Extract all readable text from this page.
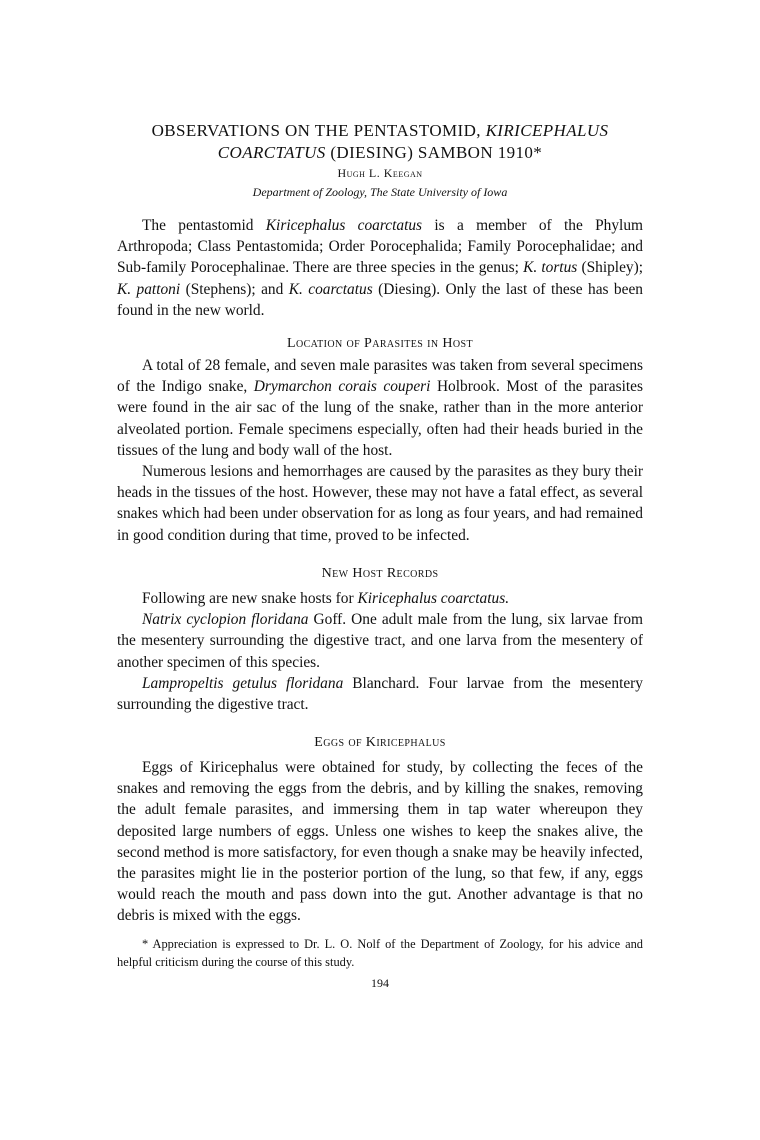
OBSERVATIONS ON THE PENTASTOMID, KIRICEPHALUS
COARCTATUS (DIESING) SAMBON 1910*
Hugh L. Keegan
Department of Zoology, The State University of Iowa

The pentastomid Kiricephalus coarctatus is a member of the Phylum Arthropoda; Class Pentastomida; Order Porocephalida; Family Porocephalidae; and Sub-family Porocephalinae. There are three species in the genus; K. tortus (Shipley); K. pattoni (Stephens); and K. coarctatus (Diesing). Only the last of these has been found in the new world.

Location of Parasites in Host

A total of 28 female, and seven male parasites was taken from several specimens of the Indigo snake, Drymarchon corais couperi Holbrook. Most of the parasites were found in the air sac of the lung of the snake, rather than in the more anterior alveolated portion. Female specimens especially, often had their heads buried in the tissues of the lung and body wall of the host.

Numerous lesions and hemorrhages are caused by the parasites as they bury their heads in the tissues of the host. However, these may not have a fatal effect, as several snakes which had been under observation for as long as four years, and had remained in good condition during that time, proved to be infected.

New Host Records

Following are new snake hosts for Kiricephalus coarctatus.

Natrix cyclopion floridana Goff. One adult male from the lung, six larvae from the mesentery surrounding the digestive tract, and one larva from the mesentery of another specimen of this species.

Lampropeltis getulus floridana Blanchard. Four larvae from the mesentery surrounding the digestive tract.

Eggs of Kiricephalus

Eggs of Kiricephalus were obtained for study, by collecting the feces of the snakes and removing the eggs from the debris, and by killing the snakes, removing the adult female parasites, and immersing them in tap water whereupon they deposited large numbers of eggs. Unless one wishes to keep the snakes alive, the second method is more satisfactory, for even though a snake may be heavily infected, the parasites might lie in the posterior portion of the lung, so that few, if any, eggs would reach the mouth and pass down into the gut. Another advantage is that no debris is mixed with the eggs.

* Appreciation is expressed to Dr. L. O. Nolf of the Department of Zoology, for his advice and helpful criticism during the course of this study.

194
